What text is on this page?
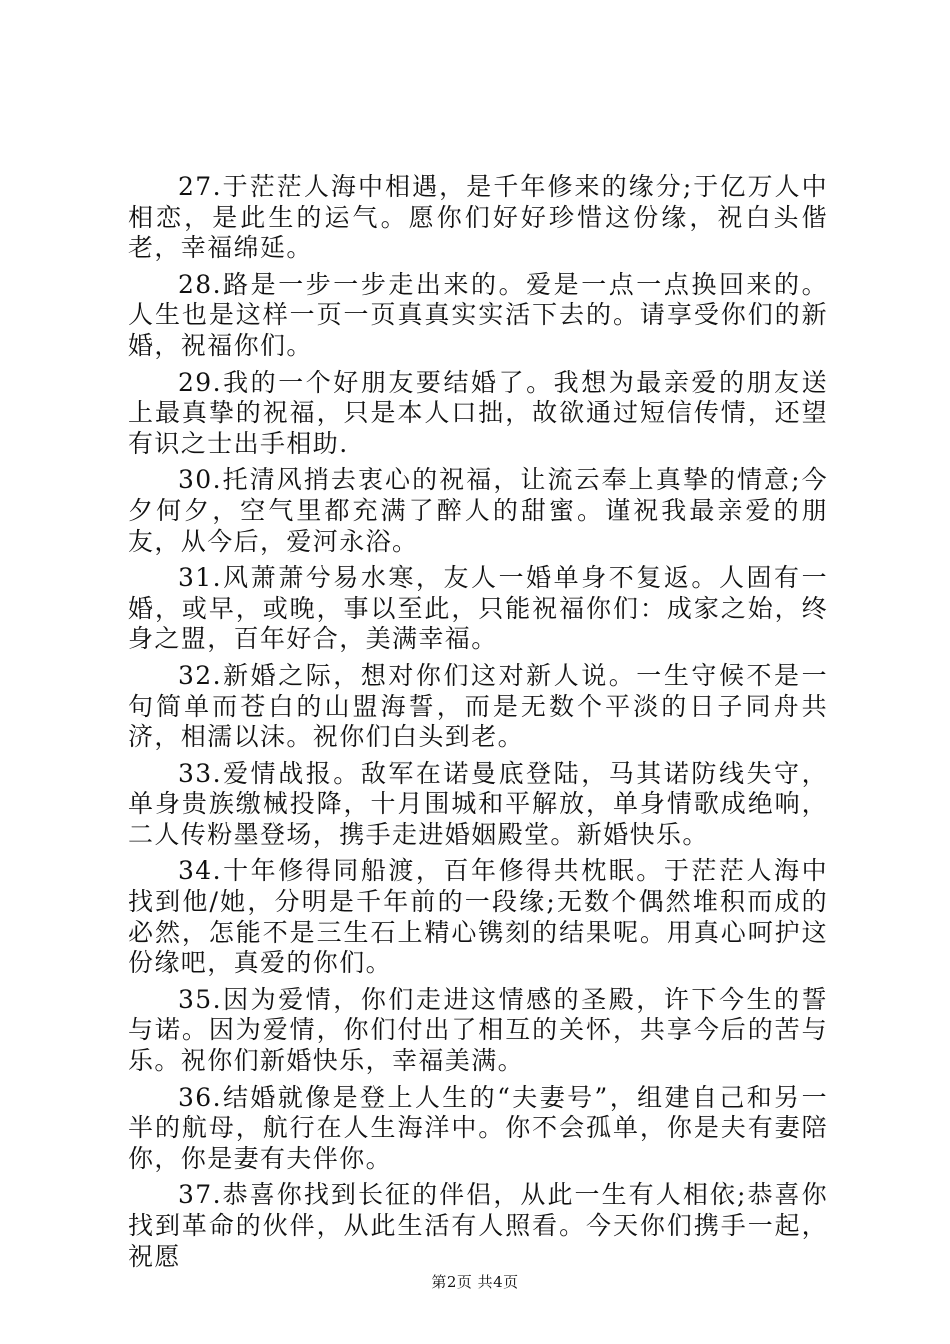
27.于茫茫人海中相遇，是千年修来的缘分;于亿万人中相恋，是此生的运气。愿你们好好珍惜这份缘，祝白头偕老，幸福绵延。

28.路是一步一步走出来的。爱是一点一点换回来的。人生也是这样一页一页真真实实活下去的。请享受你们的新婚，祝福你们。

29.我的一个好朋友要结婚了。我想为最亲爱的朋友送上最真挚的祝福，只是本人口拙，故欲通过短信传情，还望有识之士出手相助.

30.托清风捎去衷心的祝福，让流云奉上真挚的情意;今夕何夕，空气里都充满了醉人的甜蜜。谨祝我最亲爱的朋友，从今后，爱河永浴。

31.风萧萧兮易水寒，友人一婚单身不复返。人固有一婚，或早，或晚，事以至此，只能祝福你们：成家之始，终身之盟，百年好合，美满幸福。

32.新婚之际，想对你们这对新人说。一生守候不是一句简单而苍白的山盟海誓，而是无数个平淡的日子同舟共济，相濡以沫。祝你们白头到老。

33.爱情战报。敌军在诺曼底登陆，马其诺防线失守，单身贵族缴械投降，十月围城和平解放，单身情歌成绝响，二人传粉墨登场，携手走进婚姻殿堂。新婚快乐。

34.十年修得同船渡，百年修得共枕眠。于茫茫人海中找到他/她，分明是千年前的一段缘;无数个偶然堆积而成的必然，怎能不是三生石上精心镌刻的结果呢。用真心呵护这份缘吧，真爱的你们。

35.因为爱情，你们走进这情感的圣殿，许下今生的誓与诺。因为爱情，你们付出了相互的关怀，共享今后的苦与乐。祝你们新婚快乐，幸福美满。

36.结婚就像是登上人生的“夫妻号”，组建自己和另一半的航母，航行在人生海洋中。你不会孤单，你是夫有妻陪你，你是妻有夫伴你。

37.恭喜你找到长征的伴侣，从此一生有人相依;恭喜你找到革命的伙伴，从此生活有人照看。今天你们携手一起，祝愿

第2页 共4页
